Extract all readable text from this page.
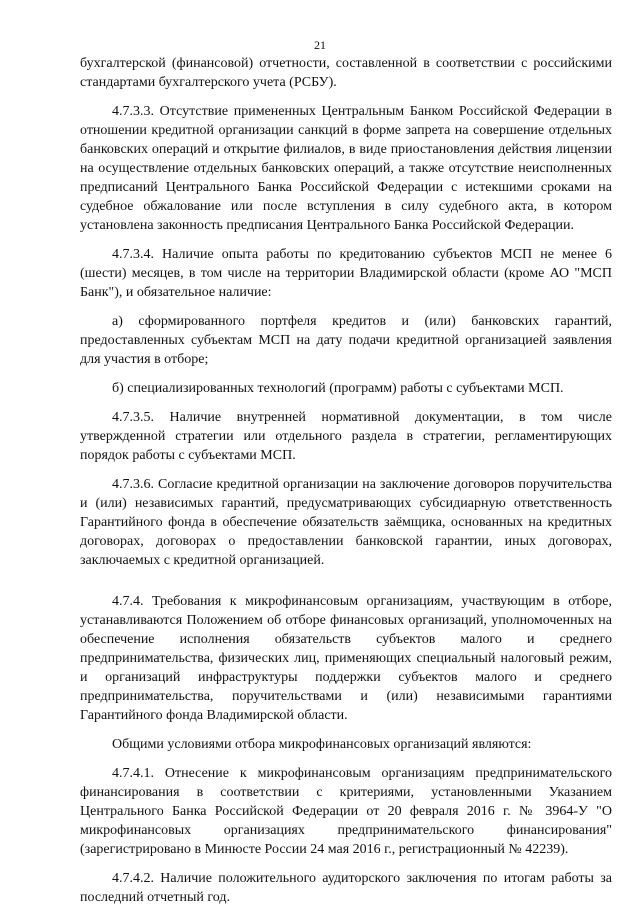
21

бухгалтерской (финансовой) отчетности, составленной в соответствии с российскими стандартами бухгалтерского учета (РСБУ).

4.7.3.3. Отсутствие примененных Центральным Банком Российской Федерации в отношении кредитной организации санкций в форме запрета на совершение отдельных банковских операций и открытие филиалов, в виде приостановления действия лицензии на осуществление отдельных банковских операций, а также отсутствие неисполненных предписаний Центрального Банка Российской Федерации с истекшими сроками на судебное обжалование или после вступления в силу судебного акта, в котором установлена законность предписания Центрального Банка Российской Федерации.

4.7.3.4. Наличие опыта работы по кредитованию субъектов МСП не менее 6 (шести) месяцев, в том числе на территории Владимирской области (кроме АО "МСП Банк"), и обязательное наличие:

а) сформированного портфеля кредитов и (или) банковских гарантий, предоставленных субъектам МСП на дату подачи кредитной организацией заявления для участия в отборе;

б) специализированных технологий (программ) работы с субъектами МСП.

4.7.3.5. Наличие внутренней нормативной документации, в том числе утвержденной стратегии или отдельного раздела в стратегии, регламентирующих порядок работы с субъектами МСП.

4.7.3.6. Согласие кредитной организации на заключение договоров поручительства и (или) независимых гарантий, предусматривающих субсидиарную ответственность Гарантийного фонда в обеспечение обязательств заёмщика, основанных на кредитных договорах, договорах о предоставлении банковской гарантии, иных договорах, заключаемых с кредитной организацией.

4.7.4. Требования к микрофинансовым организациям, участвующим в отборе, устанавливаются Положением об отборе финансовых организаций, уполномоченных на обеспечение исполнения обязательств субъектов малого и среднего предпринимательства, физических лиц, применяющих специальный налоговый режим, и организаций инфраструктуры поддержки субъектов малого и среднего предпринимательства, поручительствами и (или) независимыми гарантиями Гарантийного фонда Владимирской области.

Общими условиями отбора микрофинансовых организаций являются:

4.7.4.1. Отнесение к микрофинансовым организациям предпринимательского финансирования в соответствии с критериями, установленными Указанием Центрального Банка Российской Федерации от 20 февраля 2016 г. № 3964-У "О микрофинансовых организациях предпринимательского финансирования" (зарегистрировано в Минюсте России 24 мая 2016 г., регистрационный № 42239).

4.7.4.2. Наличие положительного аудиторского заключения по итогам работы за последний отчетный год.
